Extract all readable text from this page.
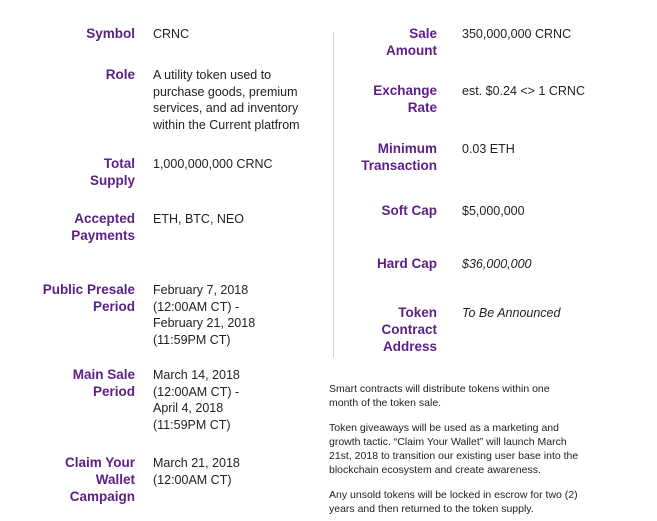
Symbol CRNC
Role A utility token used to
purchase goods, premium
services, and ad inventory
within the Current platfrom
Total
Supply
1,000,000,000 CRNC
Accepted
Payments
ETH, BTC, NEO
Public Presale
Period
February 7, 2018
(12:00AM CT) -
February 21, 2018
(11:59PM CT)
Main Sale
Period
March 14, 2018
(12:00AM CT) -
April 4, 2018
(11:59PM CT)
Claim Your
Wallet
Campaign
March 21, 2018
(12:00AM CT)
Sale
Amount
350,000,000 CRNC
Exchange
Rate
est. $0.24 <> 1 CRNC
Minimum
Transaction
0.03 ETH
Soft Cap $5,000,000
Hard Cap $36,000,000
Token
Contract
Address
To Be Announced
Smart contracts will distribute tokens within one
month of the token sale.
Token giveaways will be used as a marketing and
growth tactic. “Claim Your Wallet” will launch March
21st, 2018 to transition our existing user base into the
blockchain ecosystem and create awareness.
Any unsold tokens will be locked in escrow for two (2)
years and then returned to the token supply.
